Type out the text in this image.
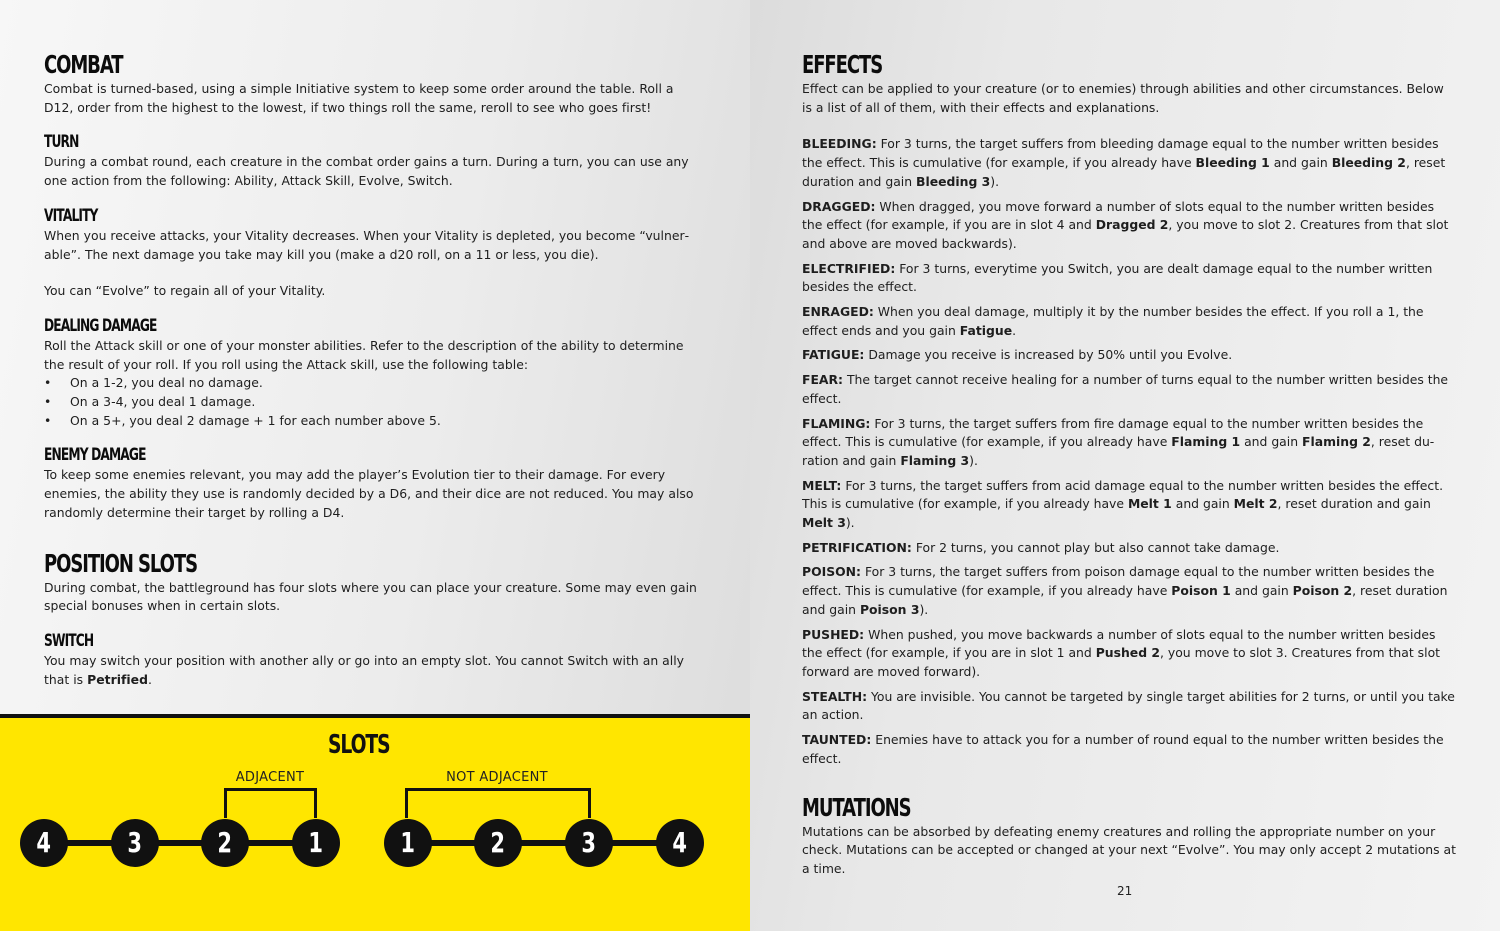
COMBAT

Combat is turned-based, using a simple Initiative system to keep some order around the table. Roll a D12, order from the highest to the lowest, if two things roll the same, reroll to see who goes first!

TURN

During a combat round, each creature in the combat order gains a turn. During a turn, you can use any one action from the following: Ability, Attack Skill, Evolve, Switch.

VITALITY

When you receive attacks, your Vitality decreases. When your Vitality is depleted, you become “vulnerable”. The next damage you take may kill you (make a d20 roll, on a 11 or less, you die).

You can “Evolve” to regain all of your Vitality.

DEALING DAMAGE

Roll the Attack skill or one of your monster abilities. Refer to the description of the ability to determine the result of your roll. If you roll using the Attack skill, use the following table:

• On a 1-2, you deal no damage.
• On a 3-4, you deal 1 damage.
• On a 5+, you deal 2 damage + 1 for each number above 5.
ENEMY DAMAGE

To keep some enemies relevant, you may add the player’s Evolution tier to their damage. For every enemies, the ability they use is randomly decided by a D6, and their dice are not reduced. You may also randomly determine their target by rolling a D4.

POSITION SLOTS

During combat, the battleground has four slots where you can place your creature. Some may even gain special bonuses when in certain slots.

SWITCH

You may switch your position with another ally or go into an empty slot. You cannot Switch with an ally that is Petrified.

SLOTS
ADJACENT	NOT ADJACENT
4	3	2	1	1	2	3	4
EFFECTS

Effect can be applied to your creature (or to enemies) through abilities and other circumstances. Below is a list of all of them, with their effects and explanations.

BLEEDING: For 3 turns, the target suffers from bleeding damage equal to the number written besides the effect. This is cumulative (for example, if you already have Bleeding 1 and gain Bleeding 2, reset duration and gain Bleeding 3).

DRAGGED: When dragged, you move forward a number of slots equal to the number written besides the effect (for example, if you are in slot 4 and Dragged 2, you move to slot 2. Creatures from that slot and above are moved backwards).

ELECTRIFIED: For 3 turns, everytime you Switch, you are dealt damage equal to the number written besides the effect.

ENRAGED: When you deal damage, multiply it by the number besides the effect. If you roll a 1, the effect ends and you gain Fatigue.

FATIGUE: Damage you receive is increased by 50% until you Evolve.

FEAR: The target cannot receive healing for a number of turns equal to the number written besides the effect.

FLAMING: For 3 turns, the target suffers from fire damage equal to the number written besides the effect. This is cumulative (for example, if you already have Flaming 1 and gain Flaming 2, reset duration and gain Flaming 3).

MELT: For 3 turns, the target suffers from acid damage equal to the number written besides the effect. This is cumulative (for example, if you already have Melt 1 and gain Melt 2, reset duration and gain Melt 3).

PETRIFICATION: For 2 turns, you cannot play but also cannot take damage.

POISON: For 3 turns, the target suffers from poison damage equal to the number written besides the effect. This is cumulative (for example, if you already have Poison 1 and gain Poison 2, reset duration and gain Poison 3).

PUSHED: When pushed, you move backwards a number of slots equal to the number written besides the effect (for example, if you are in slot 1 and Pushed 2, you move to slot 3. Creatures from that slot forward are moved forward).

STEALTH: You are invisible. You cannot be targeted by single target abilities for 2 turns, or until you take an action.

TAUNTED: Enemies have to attack you for a number of round equal to the number written besides the effect.

MUTATIONS

Mutations can be absorbed by defeating enemy creatures and rolling the appropriate number on your check. Mutations can be accepted or changed at your next “Evolve”. You may only accept 2 mutations at a time.

21
